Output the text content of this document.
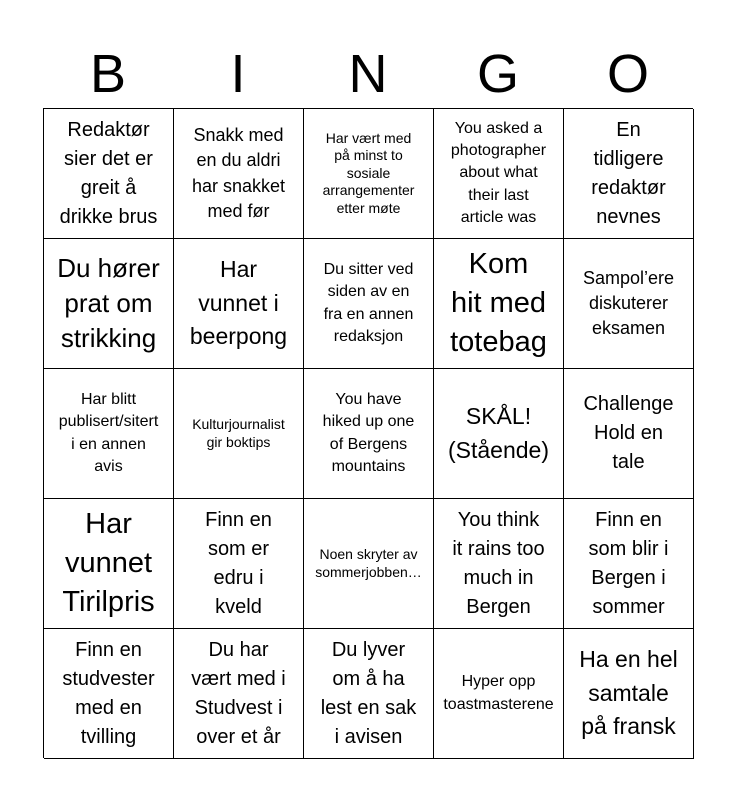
B	I	N	G	O
Redaktør
sier det er
greit å
drikke brus
Snakk med
en du aldri
har snakket
med før
Har vært med
på minst to
sosiale
arrangementer
etter møte
You asked a
photographer
about what
their last
article was
En
tidligere
redaktør
nevnes
Du hører
prat om
strikking
Har
vunnet i
beerpong
Du sitter ved
siden av en
fra en annen
redaksjon
Kom
hit med
totebag
Sampol’ere
diskuterer
eksamen
Har blitt
publisert/sitert
i en annen
avis
Kulturjournalist
gir boktips
You have
hiked up one
of Bergens
mountains
SKÅL!
(Stående)
Challenge
Hold en
tale
Har
vunnet
Tirilpris
Finn en
som er
edru i
kveld
Noen skryter av
sommerjobben…
You think
it rains too
much in
Bergen
Finn en
som blir i
Bergen i
sommer
Finn en
studvester
med en
tvilling
Du har
vært med i
Studvest i
over et år
Du lyver
om å ha
lest en sak
i avisen
Hyper opp
toastmasterene
Ha en hel
samtale
på fransk
